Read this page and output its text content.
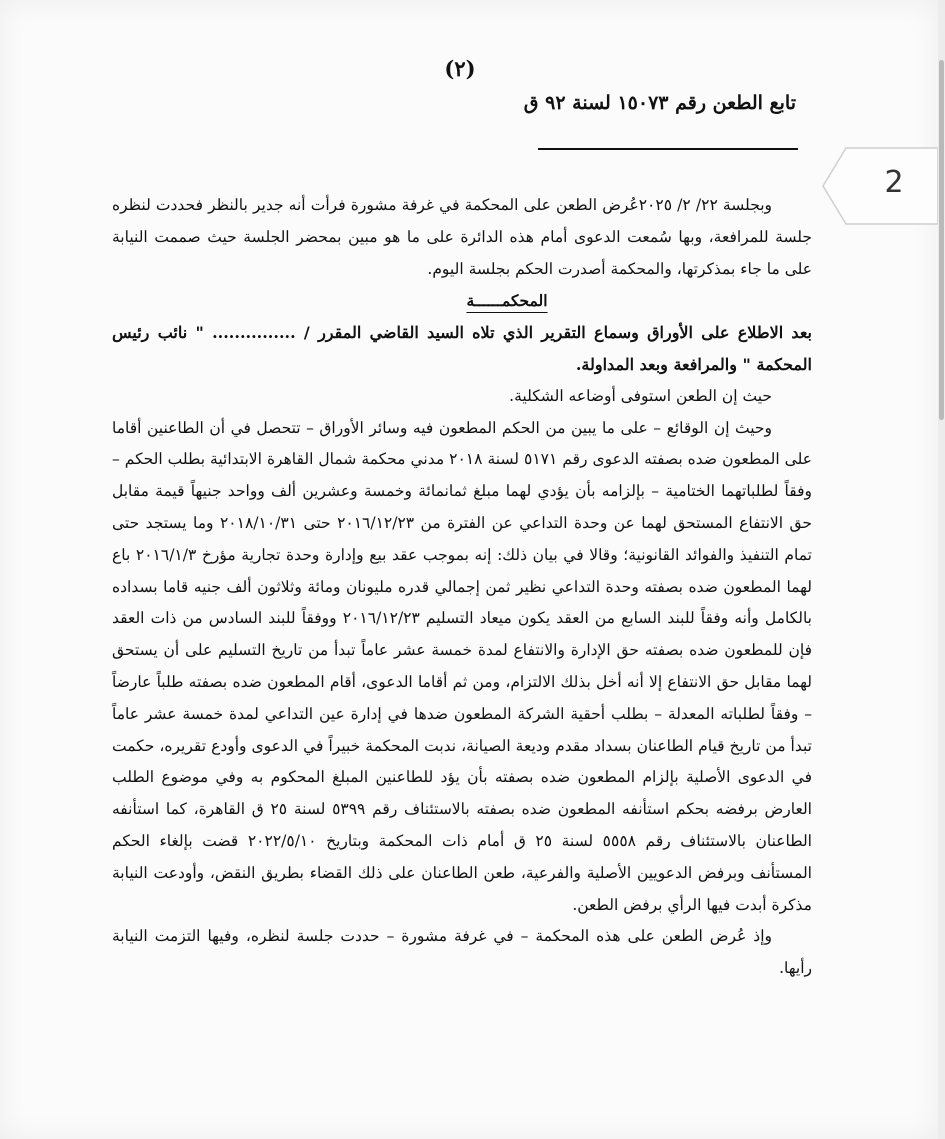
(٢)
تابع الطعن رقم ١٥٠٧٣ لسنة ٩٢ ق
2

وبجلسة ٢٢/ ٢/ ٢٠٢٥عُرض الطعن على المحكمة في غرفة مشورة فرأت أنه جدير بالنظر فحددت لنظره جلسة للمرافعة، وبها سُمعت الدعوى أمام هذه الدائرة على ما هو مبين بمحضر الجلسة حيث صممت النيابة على ما جاء بمذكرتها، والمحكمة أصدرت الحكم بجلسة اليوم.

المحكمــــــة

بعد الاطلاع على الأوراق وسماع التقرير الذي تلاه السيد القاضي المقرر / ............... " نائب رئيس المحكمة " والمرافعة وبعد المداولة.

حيث إن الطعن استوفى أوضاعه الشكلية.

وحيث إن الوقائع – على ما يبين من الحكم المطعون فيه وسائر الأوراق – تتحصل في أن الطاعنين أقاما على المطعون ضده بصفته الدعوى رقم ٥١٧١ لسنة ٢٠١٨ مدني محكمة شمال القاهرة الابتدائية بطلب الحكم – وفقاً لطلباتهما الختامية – بإلزامه بأن يؤدي لهما مبلغ ثمانمائة وخمسة وعشرين ألف وواحد جنيهاً قيمة مقابل حق الانتفاع المستحق لهما عن وحدة التداعي عن الفترة من ٢٠١٦/١٢/٢٣ حتى ٢٠١٨/١٠/٣١ وما يستجد حتى تمام التنفيذ والفوائد القانونية؛ وقالا في بيان ذلك: إنه بموجب عقد بيع وإدارة وحدة تجارية مؤرخ ٢٠١٦/١/٣ باع لهما المطعون ضده بصفته وحدة التداعي نظير ثمن إجمالي قدره مليونان ومائة وثلاثون ألف جنيه قاما بسداده بالكامل وأنه وفقاً للبند السابع من العقد يكون ميعاد التسليم ٢٠١٦/١٢/٢٣ ووفقاً للبند السادس من ذات العقد فإن للمطعون ضده بصفته حق الإدارة والانتفاع لمدة خمسة عشر عاماً تبدأ من تاريخ التسليم على أن يستحق لهما مقابل حق الانتفاع إلا أنه أخل بذلك الالتزام، ومن ثم أقاما الدعوى، أقام المطعون ضده بصفته طلباً عارضاً – وفقاً لطلباته المعدلة – بطلب أحقية الشركة المطعون ضدها في إدارة عين التداعي لمدة خمسة عشر عاماً تبدأ من تاريخ قيام الطاعنان بسداد مقدم وديعة الصيانة، ندبت المحكمة خبيراً في الدعوى وأودع تقريره، حكمت في الدعوى الأصلية بإلزام المطعون ضده بصفته بأن يؤد للطاعنين المبلغ المحكوم به وفي موضوع الطلب العارض برفضه بحكم استأنفه المطعون ضده بصفته بالاستئناف رقم ٥٣٩٩ لسنة ٢٥ ق القاهرة، كما استأنفه الطاعنان بالاستئناف رقم ٥٥٥٨ لسنة ٢٥ ق أمام ذات المحكمة وبتاريخ ٢٠٢٢/٥/١٠ قضت بإلغاء الحكم المستأنف وبرفض الدعويين الأصلية والفرعية، طعن الطاعنان على ذلك القضاء بطريق النقض، وأودعت النيابة مذكرة أبدت فيها الرأي برفض الطعن.

وإذ عُرض الطعن على هذه المحكمة – في غرفة مشورة – حددت جلسة لنظره، وفيها التزمت النيابة رأيها.
